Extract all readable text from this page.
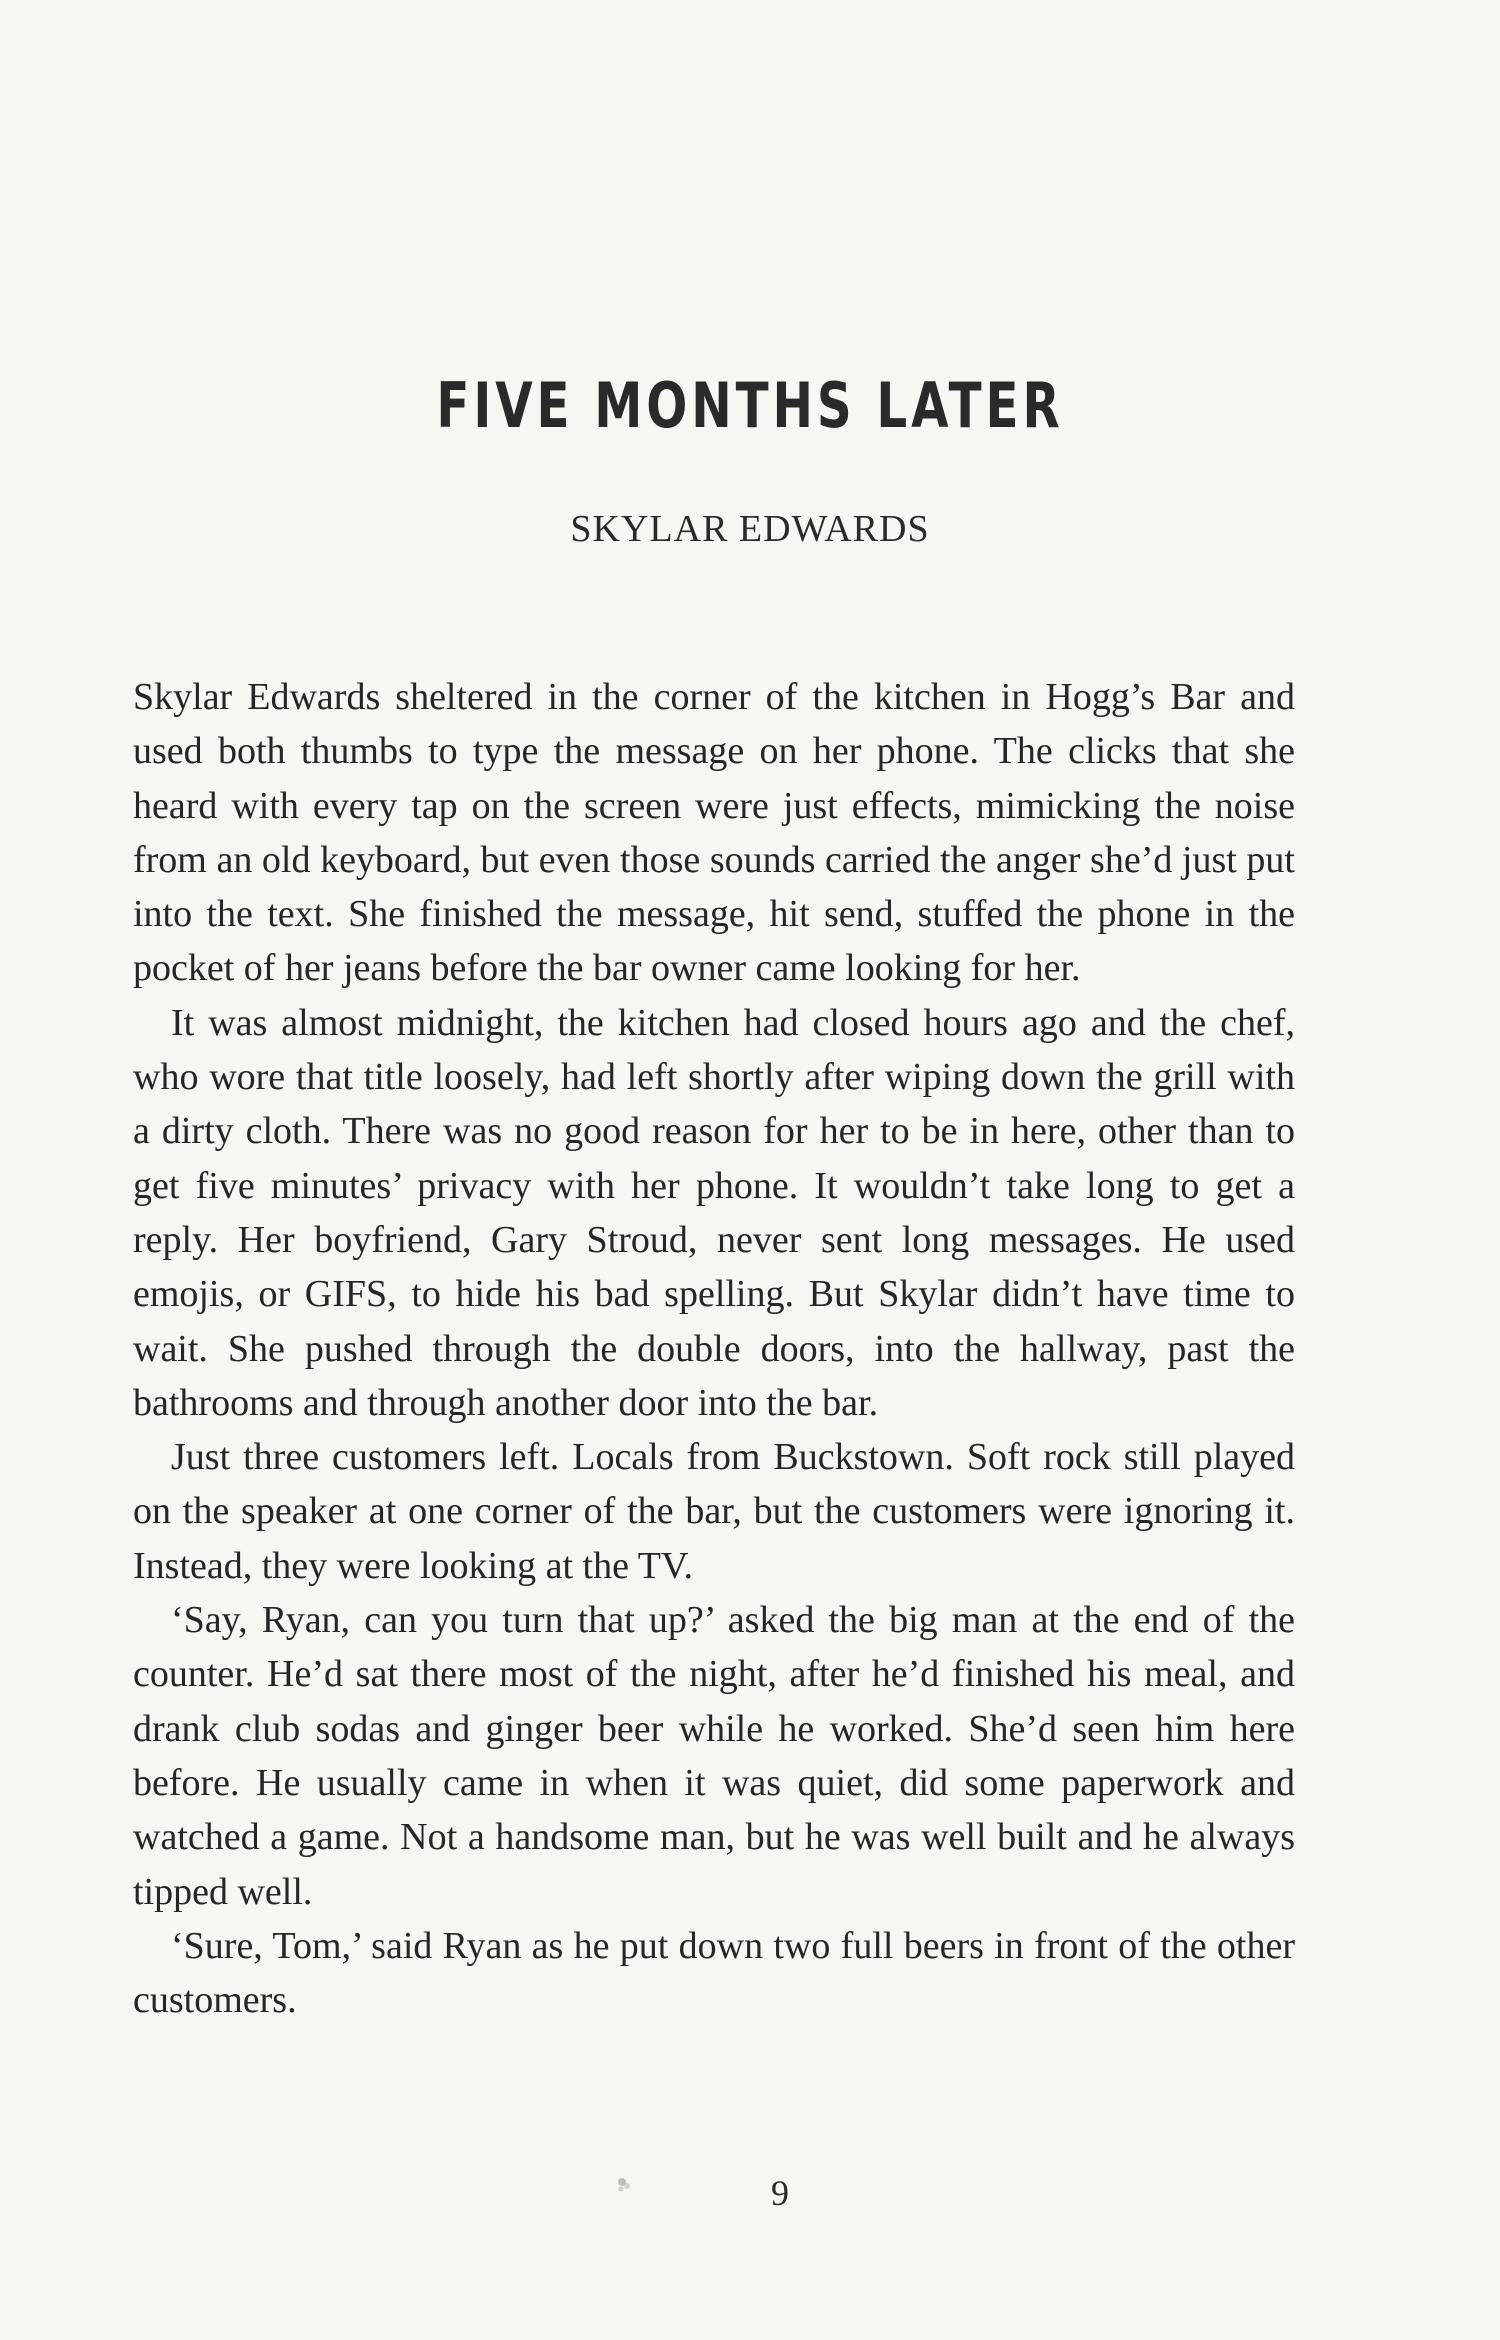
FIVE MONTHS LATER
SKYLAR EDWARDS

Skylar Edwards sheltered in the corner of the kitchen in Hogg’s Bar and used both thumbs to type the message on her phone. The clicks that she heard with every tap on the screen were just effects, mimicking the noise from an old keyboard, but even those sounds carried the anger she’d just put into the text. She finished the message, hit send, stuffed the phone in the pocket of her jeans before the bar owner came looking for her.

It was almost midnight, the kitchen had closed hours ago and the chef, who wore that title loosely, had left shortly after wiping down the grill with a dirty cloth. There was no good reason for her to be in here, other than to get five minutes’ privacy with her phone. It wouldn’t take long to get a reply. Her boyfriend, Gary Stroud, never sent long messages. He used emojis, or GIFS, to hide his bad spelling. But Skylar didn’t have time to wait. She pushed through the double doors, into the hallway, past the bathrooms and through another door into the bar.

Just three customers left. Locals from Buckstown. Soft rock still played on the speaker at one corner of the bar, but the customers were ignoring it. Instead, they were looking at the TV.

‘Say, Ryan, can you turn that up?’ asked the big man at the end of the counter. He’d sat there most of the night, after he’d finished his meal, and drank club sodas and ginger beer while he worked. She’d seen him here before. He usually came in when it was quiet, did some paperwork and watched a game. Not a handsome man, but he was well built and he always tipped well.

‘Sure, Tom,’ said Ryan as he put down two full beers in front of the other customers.

9
